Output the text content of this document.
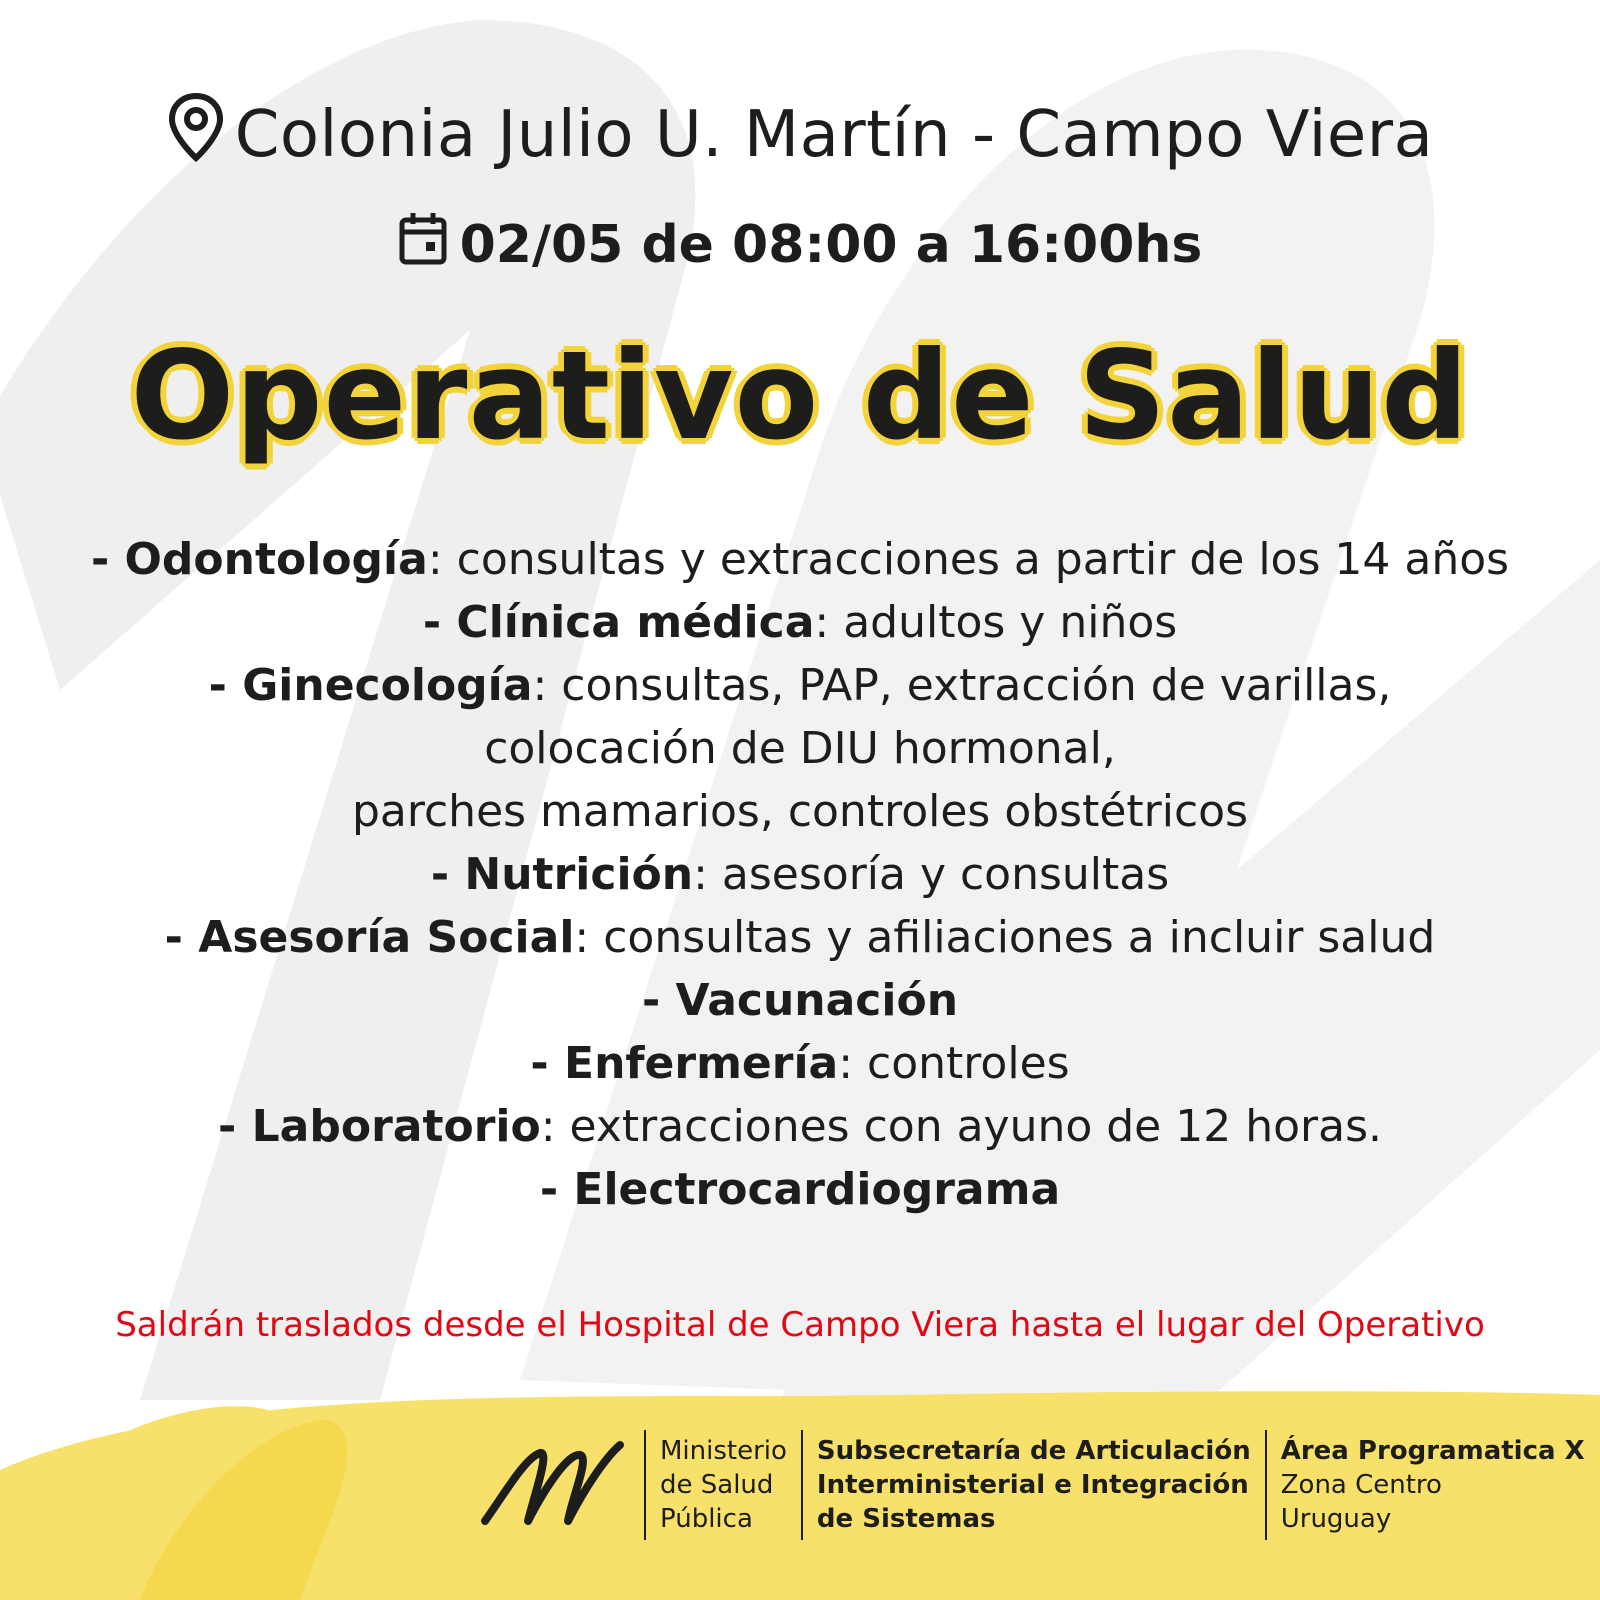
Colonia Julio U. Martín - Campo Viera
02/05 de 08:00 a 16:00hs
Operativo de Salud
- Odontología: consultas y extracciones a partir de los 14 años
- Clínica médica: adultos y niños
- Ginecología: consultas, PAP, extracción de varillas,
colocación de DIU hormonal,
parches mamarios, controles obstétricos
- Nutrición: asesoría y consultas
- Asesoría Social: consultas y afiliaciones a incluir salud
- Vacunación
- Enfermería: controles
- Laboratorio: extracciones con ayuno de 12 horas.
- Electrocardiograma
Saldrán traslados desde el Hospital de Campo Viera hasta el lugar del Operativo
Ministerio
de Salud
Pública
Subsecretaría de Articulación
Interministerial e Integración
de Sistemas
Área Programatica X
Zona Centro
Uruguay
